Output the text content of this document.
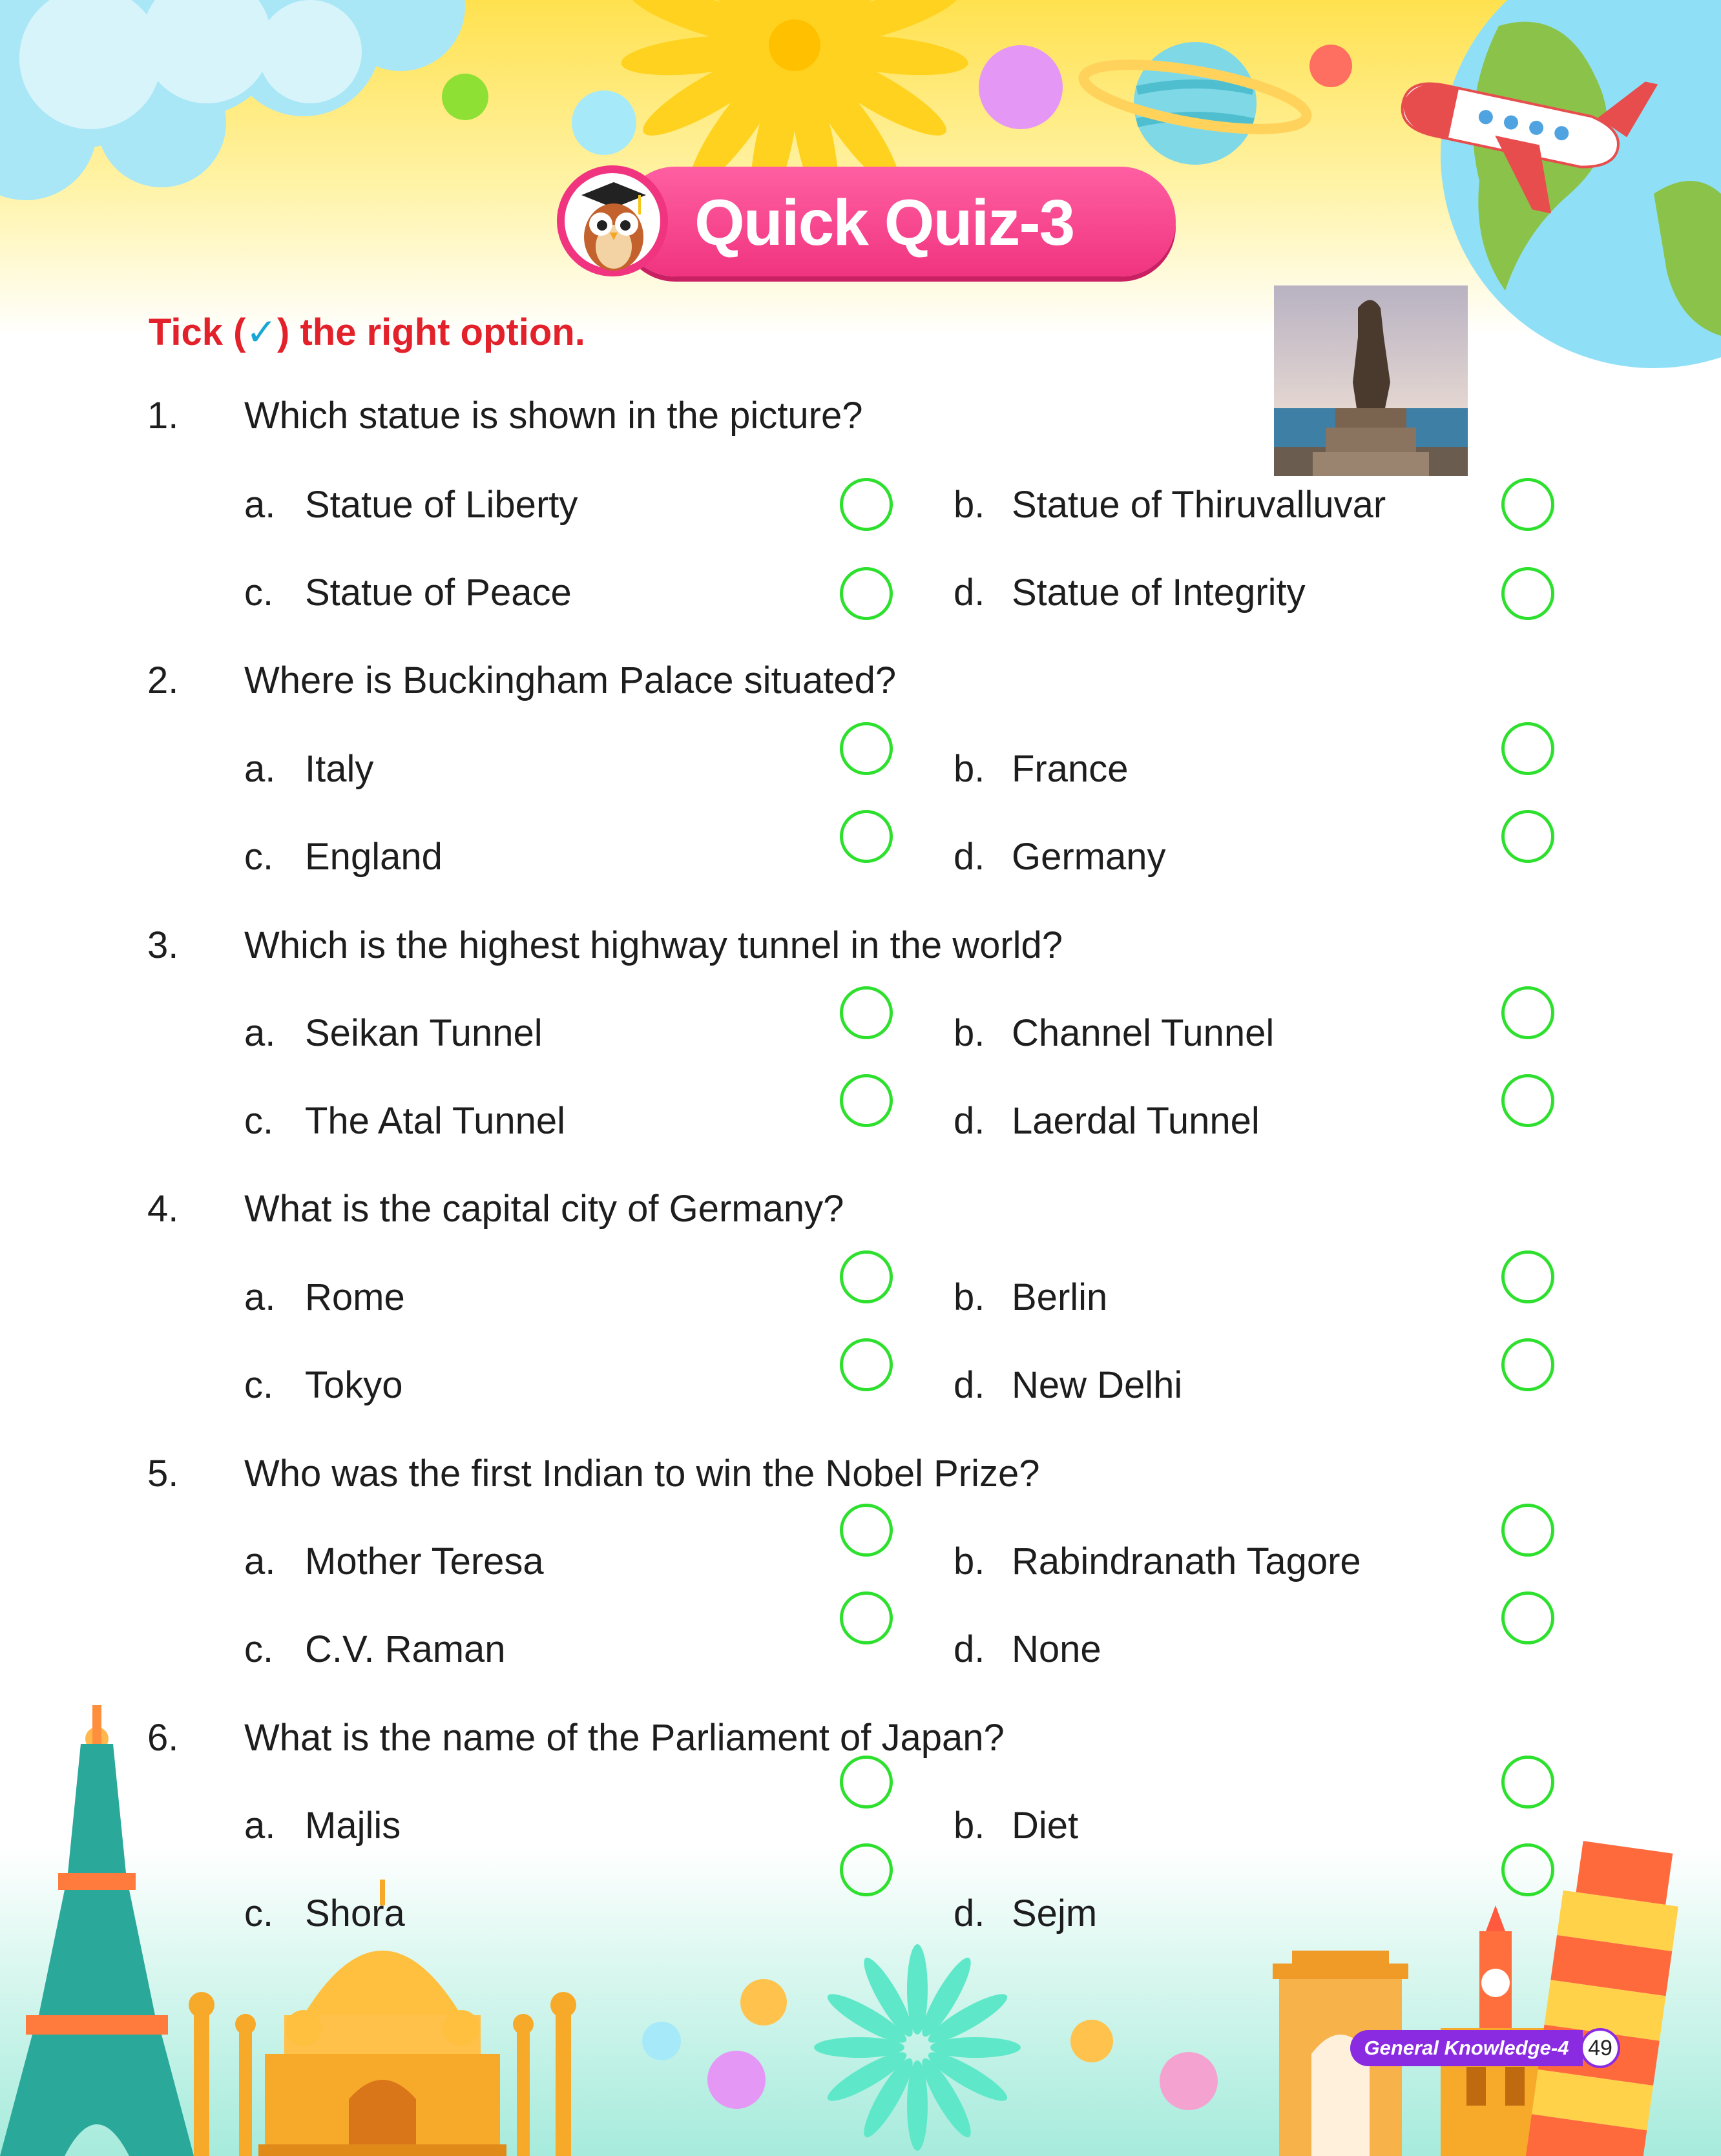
Quick Quiz-3
Tick (✓) the right option.
1. Which statue is shown in the picture?
a. Statue of Liberty	b. Statue of Thiruvalluvar
c. Statue of Peace	d. Statue of Integrity
2. Where is Buckingham Palace situated?
a. Italy	b. France
c. England	d. Germany
3. Which is the highest highway tunnel in the world?
a. Seikan Tunnel	b. Channel Tunnel
c. The Atal Tunnel	d. Laerdal Tunnel
4. What is the capital city of Germany?
a. Rome	b. Berlin
c. Tokyo	d. New Delhi
5. Who was the first Indian to win the Nobel Prize?
a. Mother Teresa	b. Rabindranath Tagore
c. C.V. Raman	d. None
6. What is the name of the Parliament of Japan?
a. Majlis	b. Diet
c. Shora	d. Sejm
General Knowledge-4 49
